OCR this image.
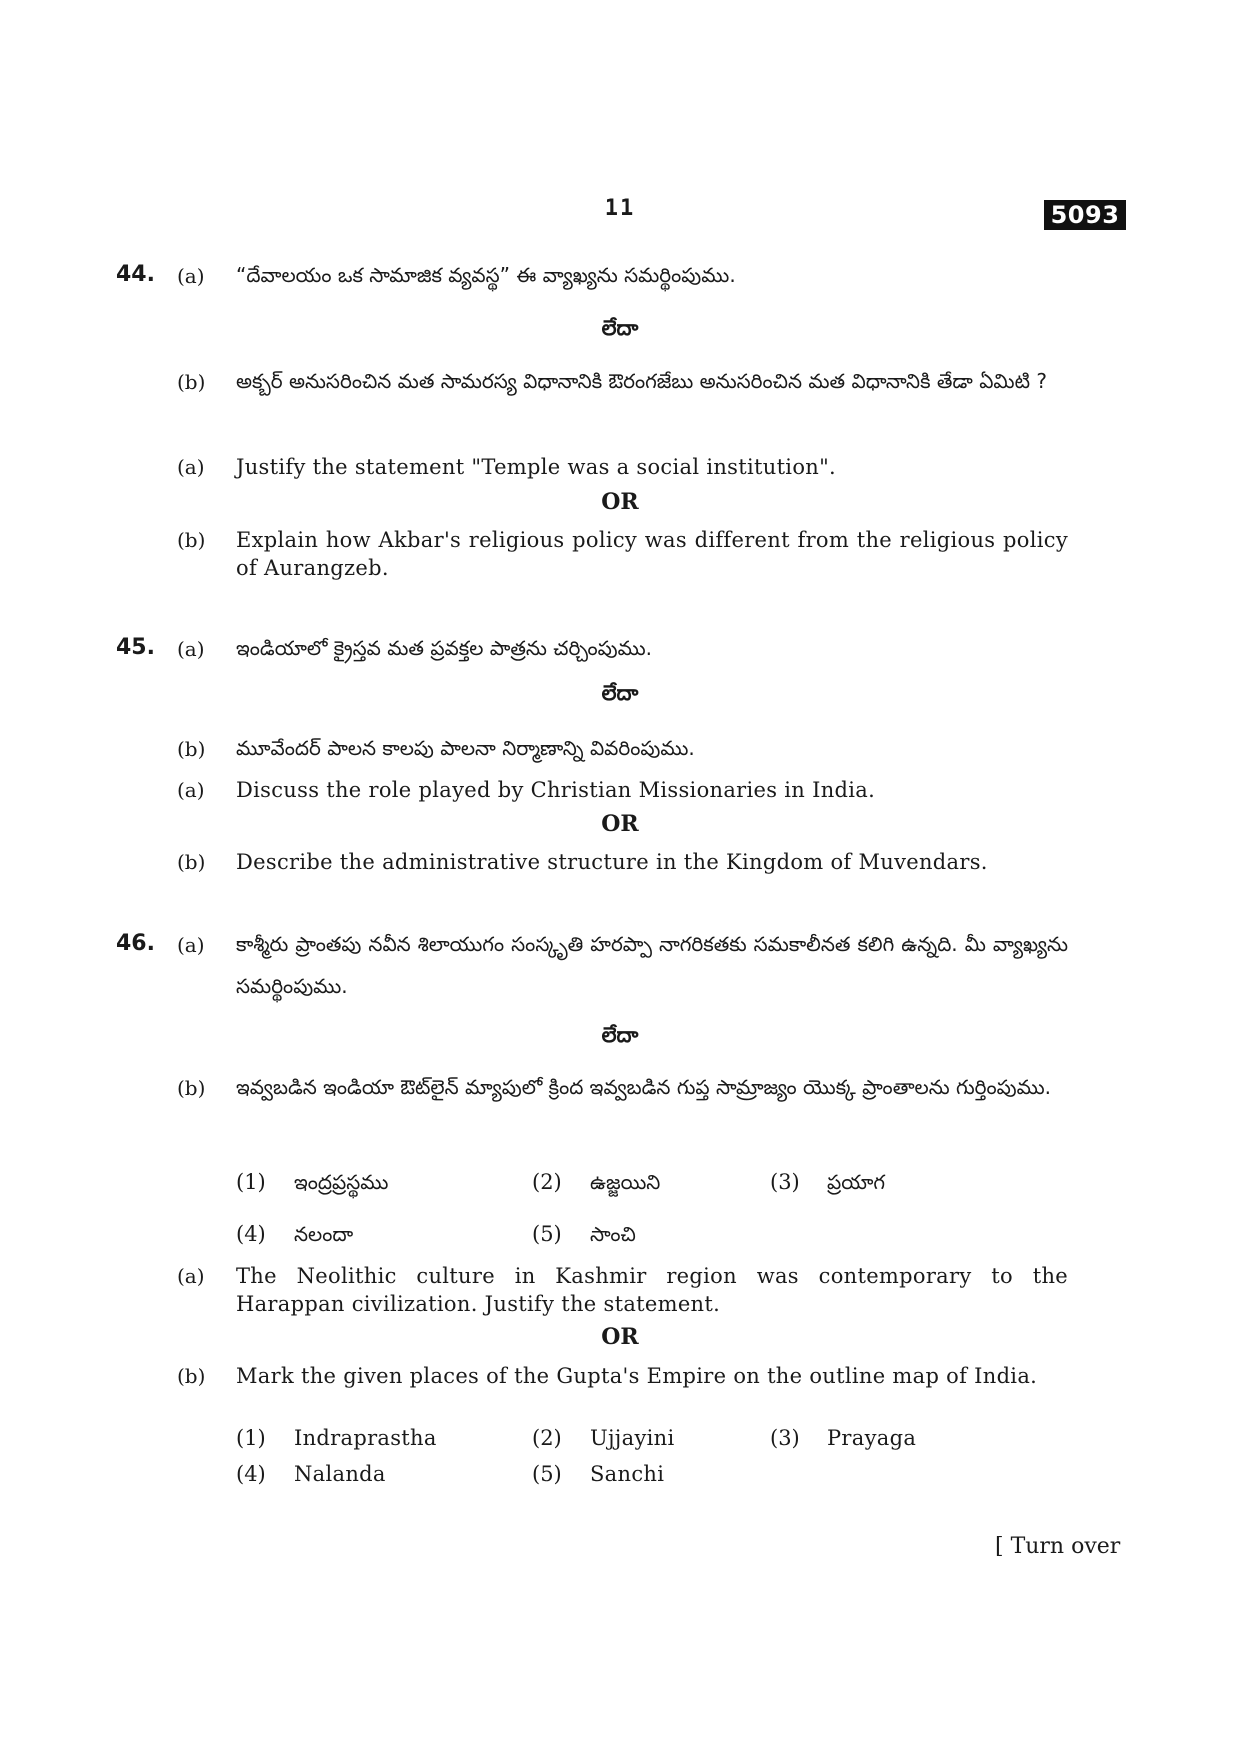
11	5093
44. (a) “దేవాలయం ఒక సామాజిక వ్యవస్థ” ఈ వ్యాఖ్యను సమర్థింపుము.
లేదా
(b) అక్బర్ అనుసరించిన మత సామరస్య విధానానికి ఔరంగజేబు అనుసరించిన మత విధానానికి తేడా ఏమిటి ?
(a) Justify the statement "Temple was a social institution".
OR
(b) Explain how Akbar's religious policy was different from the religious policy of Aurangzeb.
45. (a) ఇండియాలో క్రైస్తవ మత ప్రవక్తల పాత్రను చర్చింపుము.
లేదా
(b) మూవేందర్ పాలన కాలపు పాలనా నిర్మాణాన్ని వివరింపుము.
(a) Discuss the role played by Christian Missionaries in India.
OR
(b) Describe the administrative structure in the Kingdom of Muvendars.
46. (a) కాశ్మీరు ప్రాంతపు నవీన శిలాయుగం సంస్కృతి హరప్పా నాగరికతకు సమకాలీనత కలిగి ఉన్నది. మీ వ్యాఖ్యను సమర్థింపుము.
లేదా
(b) ఇవ్వబడిన ఇండియా ఔట్‌లైన్ మ్యాపులో క్రింద ఇవ్వబడిన గుప్త సామ్రాజ్యం యొక్క ప్రాంతాలను గుర్తింపుము.
(1) ఇంద్రప్రస్థము	(2) ఉజ్జయిని	(3) ప్రయాగ
(4) నలందా	(5) సాంచి
(a) The Neolithic culture in Kashmir region was contemporary to the Harappan civilization. Justify the statement.
OR
(b) Mark the given places of the Gupta's Empire on the outline map of India.
(1) Indraprastha	(2) Ujjayini	(3) Prayaga
(4) Nalanda	(5) Sanchi
[ Turn over
